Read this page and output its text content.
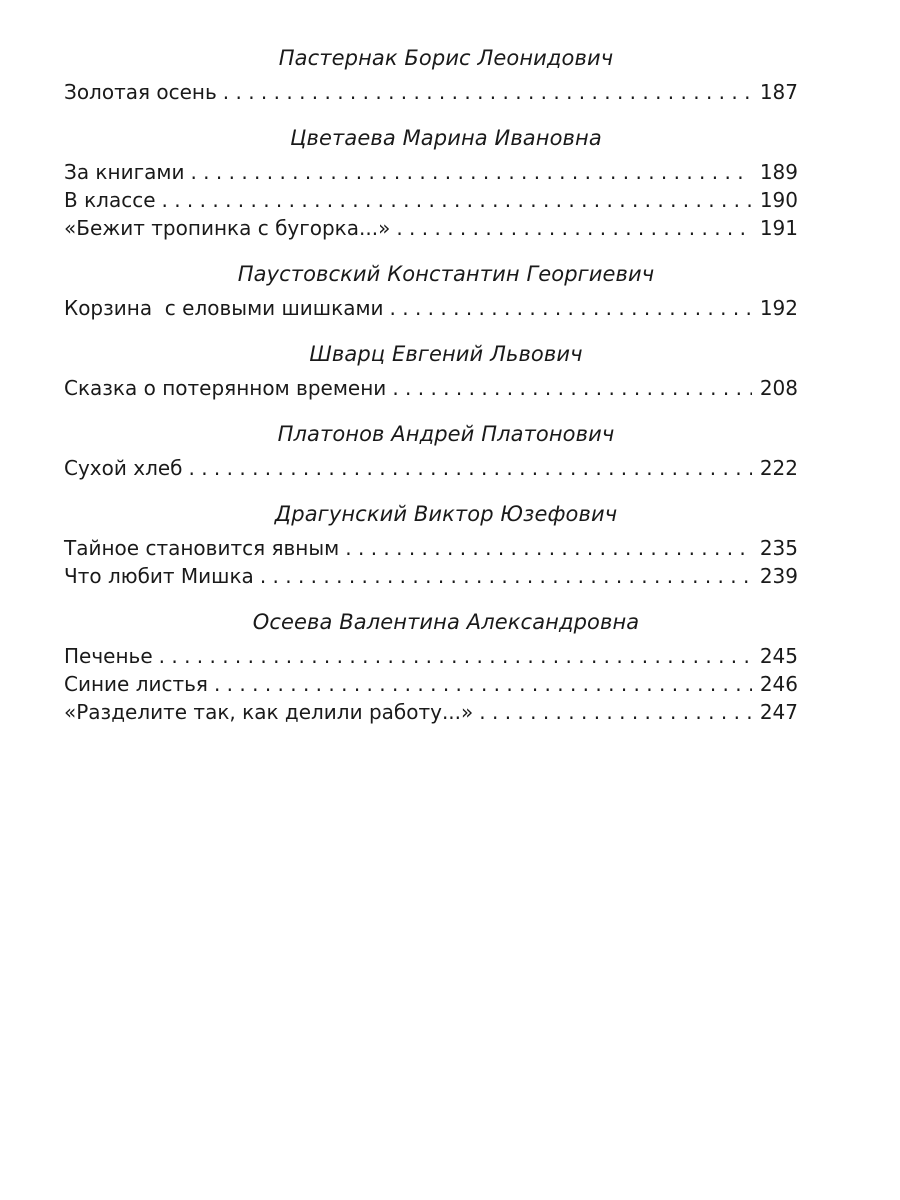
Пастернак Борис Леонидович
Золотая осень . . .	187
Цветаева Марина Ивановна
За книгами . . .	189
В классе . . .	190
«Бежит тропинка с бугорка...» . . .	191
Паустовский Константин Георгиевич
Корзина  с еловыми шишками . . .	192
Шварц Евгений Львович
Сказка о потерянном времени . . .	208
Платонов Андрей Платонович
Сухой хлеб . . .	222
Драгунский Виктор Юзефович
Тайное становится явным . . .	235
Что любит Мишка . . .	239
Осеева Валентина Александровна
Печенье . . .	245
Синие листья . . .	246
«Разделите так, как делили работу...» . . .	247
